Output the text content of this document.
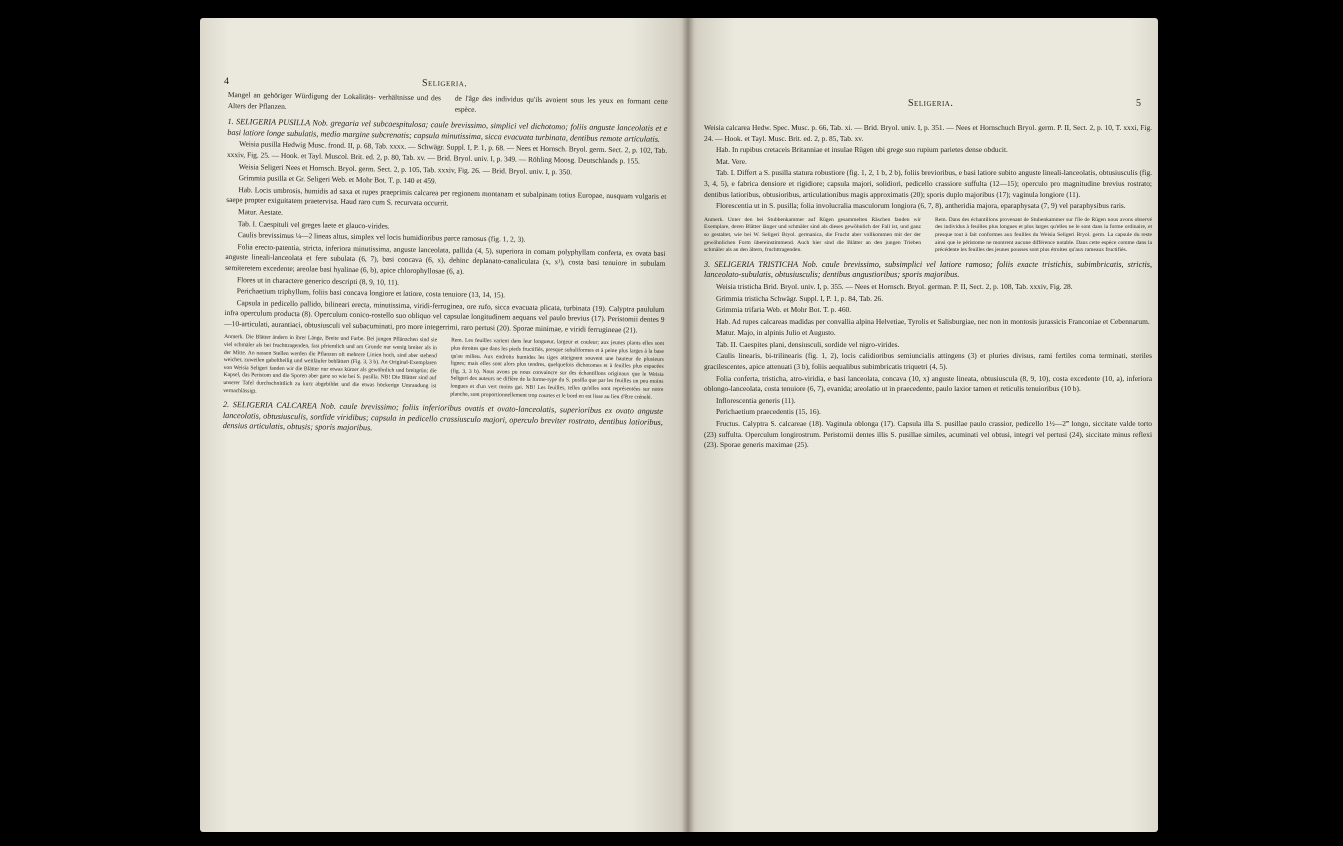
4	Seligeria.

Mangel an gehöriger Würdigung der Lokalitäts- verhältnisse und des Alters der Pflanzen.	de l'âge des individus qu'ils avoient sous les yeux en formant cette espèce.

1. SELIGERIA PUSILLA Nob. gregaria vel subcaespitulosa; caule brevissimo, simplici vel dichotomo; foliis anguste lanceolatis et e basi latiore longe subulatis, medio margine subcrenatis; capsula minutissima, sicca evacuata turbinata, dentibus remote articulatis.

Weisia pusilla Hedwig Musc. frond. II, p. 68, Tab. xxxx. — Schwägr. Suppl. I, P. 1, p. 68. — Nees et Hornsch. Bryol. germ. Sect. 2, p. 102, Tab. xxxiv, Fig. 25. — Hook. et Tayl. Muscol. Brit. ed. 2, p. 80, Tab. xv. — Brid. Bryol. univ. I, p. 349. — Röhling Moosg. Deutschlands p. 155.

Weisia Seligeri Nees et Hornsch. Bryol. germ. Sect. 2, p. 105, Tab. xxxiv, Fig. 26. — Brid. Bryol. univ. I, p. 350.

Grimmia pusilla et Gr. Seligeri Web. et Mohr Bot. T. p. 140 et 459.

Hab. Locis umbrosis, humidis ad saxa et rupes praeprimis calcarea per regionem montanam et subalpinam totius Europae, nusquam vulgaris et saepe propter exiguitatem praetervisa. Haud raro cum S. recurvata occurrit.

Matur. Aestate.

Tab. I. Caespituli vel greges laete et glauco-virides.

Caulis brevissimus ¼—2 lineas altus, simplex vel locis humidioribus parce ramosus (fig. 1, 2, 3).

Folia erecto-patentia, stricta, inferiora minutissima, anguste lanceolata, pallida (4, 5), superiora in comam polyphyllam conferta, ex ovata basi anguste lineali-lanceolata et fere subulata (6, 7), basi concava (6, x), dehinc deplanato-canaliculata (x, x¹), costa basi tenuiore in subulam semiteretem excedente; areolae basi hyalinae (6, b), apice chlorophyllosae (6, a).

Flores ut in charactere generico descripti (8, 9, 10, 11).

Perichaetium triphyllum, foliis basi concava longiore et latiore, costa tenuiore (13, 14, 15).

Capsula in pedicello pallido, bilineari erecta, minutissima, viridi-ferruginea, ore rufo, sicca evacuata plicata, turbinata (19). Calyptra paululum infra operculum producta (8). Operculum conico-rostello suo obliquo vel capsulae longitudinem aequans vel paulo brevius (17). Peristomii dentes 9—10-articulati, aurantiaci, obtusiusculi vel subacuminati, pro more integerrimi, raro pertusi (20). Sporae minimae, e viridi ferrugineae (21).

Anmerk. Die Blätter ändern in ihrer Länge, Breite und Farbe. Bei jungen Pflänzchen sind sie viel schmäler als bei fruchttragenden, fast pfriemlich und am Grunde nur wenig breiter als in der Mitte. An nassen Stellen werden die Pflanzen oft mehrere Linien hoch, sind aber stehend weicher, zuweilen gabeltheilig und weitläufer beblättert (Fig. 3, 3 b). An Original-Exemplaren von Weisia Seligeri fanden wir die Blätter nur etwas kürzer als gewöhnlich und breitgrün; die Kapsel, das Peristom und die Sporen aber ganz so wie bei S. pusilla. NB! Die Blätter sind auf unserer Tafel durchschnittlich zu kurz abgebildet und die etwas höckerige Umrandung ist vernachlässigt.
Rem. Les feuilles varient dans leur longueur, largeur et couleur; aux jeunes plants elles sont plus étroites que dans les pieds fructifiés, presque subuliformes et à peine plus larges à la base qu'au milieu. Aux endroits humides les tiges atteignent souvent une hauteur de plusieurs lignes; mais elles sont alors plus tendres, quelquefois dichotomes et à feuilles plus espacées (fig. 3, 3 b). Nous avons pu nous convaincre sur des échantillons originaux que le Weisia Seligeri des auteurs ne diffère de la forme-type du S. pusilla que par les feuilles un peu moins longues et d'un vert moins gai. NB! Les feuilles, telles qu'elles sont représentées sur notre planche, sont proportionnellement trop courtes et le bord en est lisse au lieu d'être crénelé.

2. SELIGERIA CALCAREA Nob. caule brevissimo; foliis inferioribus ovatis et ovato-lanceolatis, superioribus ex ovato anguste lanceolatis, obtusiusculis, sordide viridibus; capsula in pedicello crassiusculo majori, operculo breviter rostrato, dentibus latioribus, densius articulatis, obtusis; sporis majoribus.

Seligeria.	5

Weisia calcarea Hedw. Spec. Musc. p. 66, Tab. xi. — Brid. Bryol. univ. I, p. 351. — Nees et Hornschuch Bryol. germ. P. II, Sect. 2, p. 10, T. xxxi, Fig. 24. — Hook. et Tayl. Musc. Brit. ed. 2, p. 85, Tab. xv.

Hab. In rupibus cretaceis Britanniae et insulae Rügen ubi grege suo rupium parietes dense obducit.

Mat. Vere.

Tab. I. Differt a S. pusilla statura robustiore (fig. 1, 2, 1 b, 2 b), foliis brevioribus, e basi latiore subito anguste lineali-lanceolatis, obtusiusculis (fig. 3, 4, 5), e fabrica densiore et rigidiore; capsula majori, solidiori, pedicello crassiore suffulta (12—15); operculo pro magnitudine brevius rostrato; dentibus latioribus, obtusioribus, articulationibus magis approximatis (20); sporis duplo majoribus (17); vaginula longiore (11).

Florescentia ut in S. pusilla; folia involucralia masculorum longiora (6, 7, 8), antheridia majora, eparaphysata (7, 9) vel paraphysibus raris.

Anmerk. Unter den bei Stubbenkammer auf Rügen gesammelten Räschen fanden wir Exemplare, deren Blätter länger und schmäler sind als dieses gewöhnlich der Fall ist, und ganz so gestaltet, wie bei W. Seligeri Bryol. germanica, die Frucht aber vollkommen mit der der gewöhnlichen Form übereinstimmend. Auch hier sind die Blätter an den jungen Trieben schmäler als an den ältern, fruchttragenden.
Rem. Dans des échantillons provenant de Stubenkammer sur l'île de Rügen nous avons observé des individus à feuilles plus longues et plus larges qu'elles ne le sont dans la forme ordinaire, et presque tout à fait conformes aux feuilles du Weisia Seligeri Bryol. germ. La capsule du reste ainsi que le péristome ne montrent aucune différence notable. Dans cette espèce comme dans la précédente les feuilles des jeunes pousses sont plus étroites qu'aux rameaux fructifiés.

3. SELIGERIA TRISTICHA Nob. caule brevissimo, subsimplici vel latiore ramoso; foliis exacte tristichis, subimbricatis, strictis, lanceolato-subulatis, obtusiusculis; dentibus angustioribus; sporis majoribus.

Weisia tristicha Brid. Bryol. univ. I, p. 355. — Nees et Hornsch. Bryol. german. P. II, Sect. 2, p. 108, Tab. xxxiv, Fig. 28.

Grimmia tristicha Schwägr. Suppl. I, P. 1, p. 84, Tab. 26.

Grimmia trifaria Web. et Mohr Bot. T. p. 460.

Hab. Ad rupes calcareas madidas per convallia alpina Helvetiae, Tyrolis et Salisburgiae, nec non in montosis jurassicis Franconiae et Cebennarum.

Matur. Majo, in alpinis Julio et Augusto.

Tab. II. Caespites plani, densiusculi, sordide vel nigro-virides.

Caulis linearis, bi-trilinearis (fig. 1, 2), locis calidioribus semiuncialis attingens (3) et pluries divisus, rami fertiles coma terminati, steriles gracilescentes, apice attenuati (3 b), foliis aequalibus subimbricatis triquetri (4, 5).

Folia conferta, tristicha, atro-viridia, e basi lanceolata, concava (10, x) anguste lineata, obtusiuscula (8, 9, 10), costa excedente (10, a), inferiora oblongo-lanceolata, costa tenuiore (6, 7), evanida; areolatio ut in praecedente, paulo laxior tamen et reticulis tenuioribus (10 b).

Inflorescentia generis (11).

Perichaetium praecedentis (15, 16).

Fructus. Calyptra S. calcareae (18). Vaginula oblonga (17). Capsula illa S. pusillae paulo crassior, pedicello 1½—2‴ longo, siccitate valde torto (23) suffulta. Operculum longirostrum. Peristomii dentes illis S. pusillae similes, acuminati vel obtusi, integri vel pertusi (24), siccitate minus reflexi (23). Sporae generis maximae (25).
